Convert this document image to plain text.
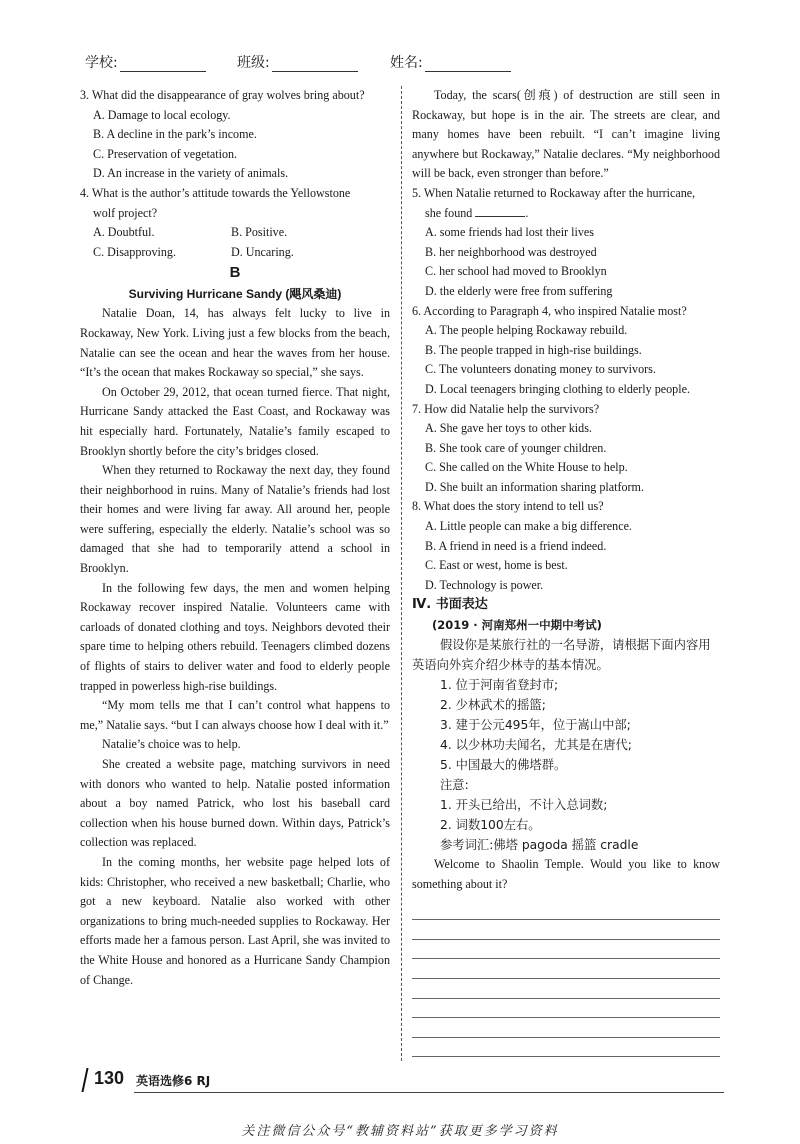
学校:	班级:	姓名:
3. What did the disappearance of gray wolves bring about?
A. Damage to local ecology.
B. A decline in the park’s income.
C. Preservation of vegetation.
D. An increase in the variety of animals.
4. What is the author’s attitude towards the Yellowstone
wolf project?
A. Doubtful.	B. Positive.
C. Disapproving.	D. Uncaring.
B
Surviving Hurricane Sandy (飓风桑迪)

Natalie Doan, 14, has always felt lucky to live in Rockaway, New York. Living just a few blocks from the beach, Natalie can see the ocean and hear the waves from her house. “It’s the ocean that makes Rockaway so special,” she says.

On October 29, 2012, that ocean turned fierce. That night, Hurricane Sandy attacked the East Coast, and Rockaway was hit especially hard. Fortunately, Natalie’s family escaped to Brooklyn shortly before the city’s bridges closed.

When they returned to Rockaway the next day, they found their neighborhood in ruins. Many of Natalie’s friends had lost their homes and were living far away. All around her, people were suffering, especially the elderly. Natalie’s school was so damaged that she had to temporarily attend a school in Brooklyn.

In the following few days, the men and women helping Rockaway recover inspired Natalie. Volunteers came with carloads of donated clothing and toys. Neighbors devoted their spare time to helping others rebuild. Teenagers climbed dozens of flights of stairs to deliver water and food to elderly people trapped in powerless high-rise buildings.

“My mom tells me that I can’t control what happens to me,” Natalie says. “but I can always choose how I deal with it.”

Natalie’s choice was to help.

She created a website page, matching survivors in need with donors who wanted to help. Natalie posted information about a boy named Patrick, who lost his baseball card collection when his house burned down. Within days, Patrick’s collection was replaced.

In the coming months, her website page helped lots of kids: Christopher, who received a new basketball; Charlie, who got a new keyboard. Natalie also worked with other organizations to bring much-needed supplies to Rockaway. Her efforts made her a famous person. Last April, she was invited to the White House and honored as a Hurricane Sandy Champion of Change.

Today, the scars(创痕) of destruction are still seen in Rockaway, but hope is in the air. The streets are clear, and many homes have been rebuilt. “I can’t imagine living anywhere but Rockaway,” Natalie declares. “My neighborhood will be back, even stronger than before.”

5. When Natalie returned to Rockaway after the hurricane,
she found	.
A. some friends had lost their lives
B. her neighborhood was destroyed
C. her school had moved to Brooklyn
D. the elderly were free from suffering
6. According to Paragraph 4, who inspired Natalie most?
A. The people helping Rockaway rebuild.
B. The people trapped in high-rise buildings.
C. The volunteers donating money to survivors.
D. Local teenagers bringing clothing to elderly people.
7. How did Natalie help the survivors?
A. She gave her toys to other kids.
B. She took care of younger children.
C. She called on the White House to help.
D. She built an information sharing platform.
8. What does the story intend to tell us?
A. Little people can make a big difference.
B. A friend in need is a friend indeed.
C. East or west, home is best.
D. Technology is power.
Ⅳ. 书面表达
(2019 · 河南郑州一中期中考试)
假设你是某旅行社的一名导游，请根据下面内容用英语向外宾介绍少林寺的基本情况。
1. 位于河南省登封市;
2. 少林武术的摇篮;
3. 建于公元495年，位于嵩山中部;
4. 以少林功夫闻名，尤其是在唐代;
5. 中国最大的佛塔群。
注意:
1. 开头已给出，不计入总词数;
2. 词数100左右。
参考词汇:佛塔 pagoda 摇篮 cradle

Welcome to Shaolin Temple. Would you like to know something about it?

130 英语选修6 RJ
关注微信公众号“教辅资料站”获取更多学习资料
